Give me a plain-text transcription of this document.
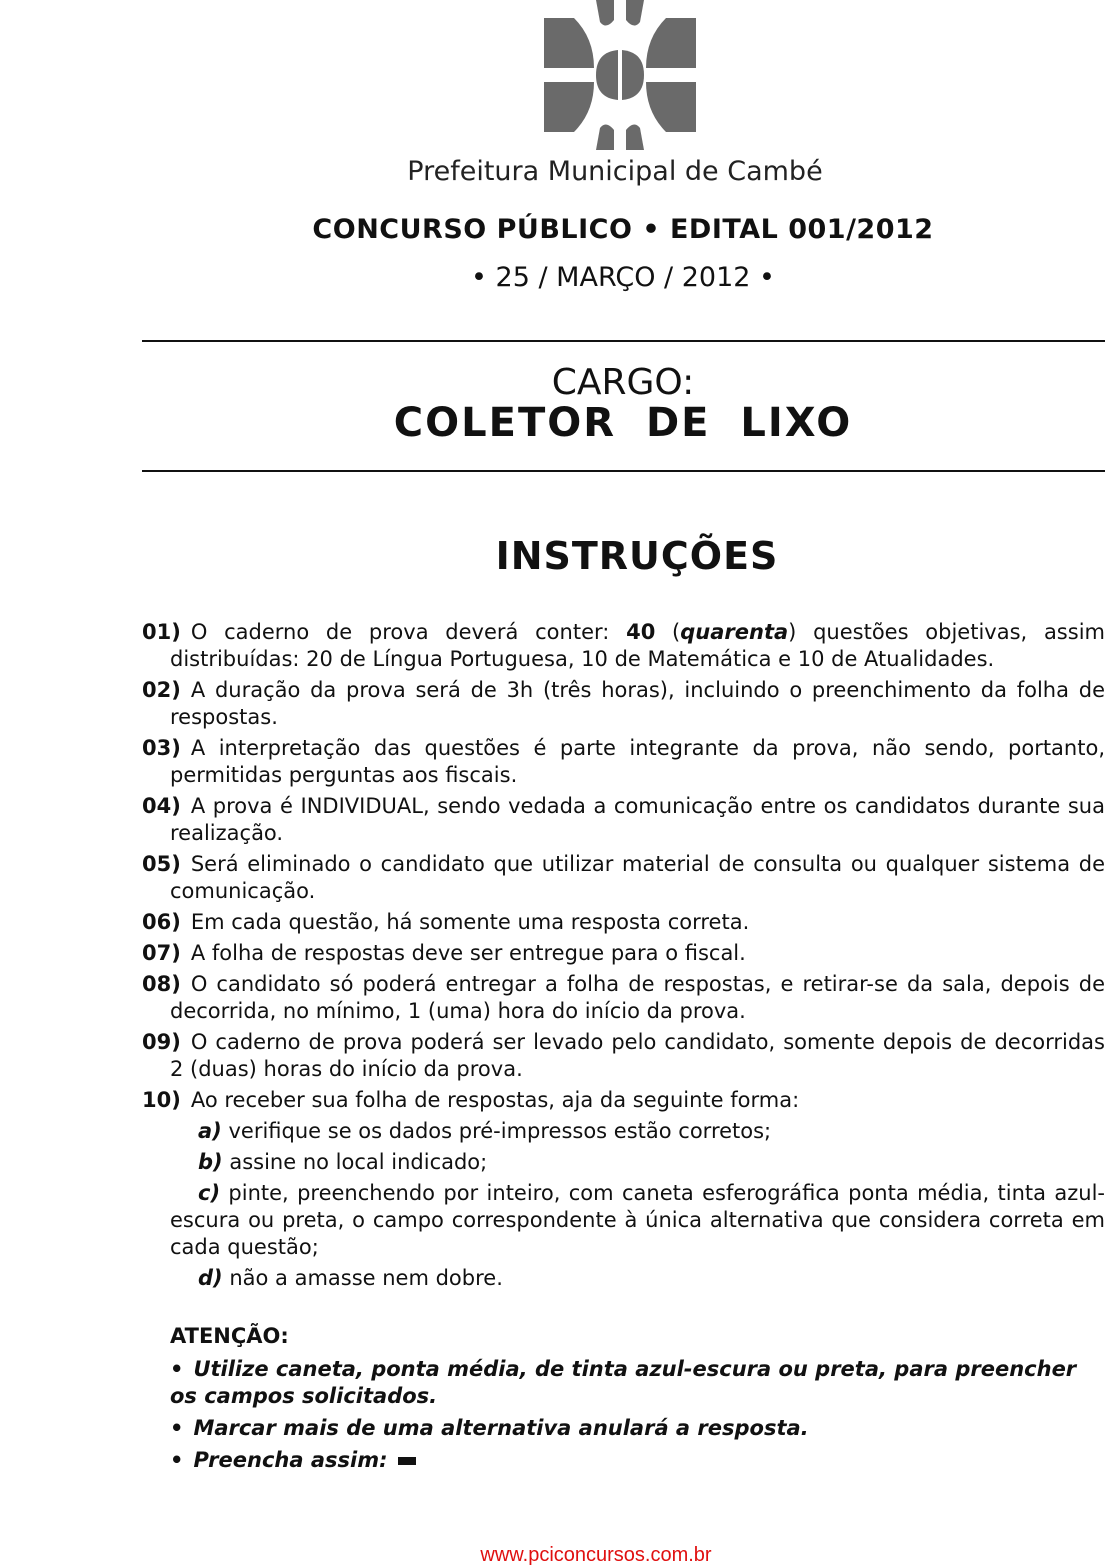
Prefeitura Municipal de Cambé
CONCURSO PÚBLICO • EDITAL 001/2012
• 25 / MARÇO / 2012 •
CARGO:
COLETOR DE LIXO
INSTRUÇÕES
01) O caderno de prova deverá conter: 40 (quarenta) questões objetivas, assim distribuídas: 20 de Língua Portuguesa, 10 de Matemática e 10 de Atualidades.
02) A duração da prova será de 3h (três horas), incluindo o preenchimento da folha de respostas.
03) A interpretação das questões é parte integrante da prova, não sendo, portanto, permitidas perguntas aos fiscais.
04) A prova é INDIVIDUAL, sendo vedada a comunicação entre os candidatos durante sua realização.
05) Será eliminado o candidato que utilizar material de consulta ou qualquer sistema de comunicação.
06) Em cada questão, há somente uma resposta correta.
07) A folha de respostas deve ser entregue para o fiscal.
08) O candidato só poderá entregar a folha de respostas, e retirar-se da sala, depois de decorrida, no mínimo, 1 (uma) hora do início da prova.
09) O caderno de prova poderá ser levado pelo candidato, somente depois de decorridas 2 (duas) horas do início da prova.
10) Ao receber sua folha de respostas, aja da seguinte forma:
a) verifique se os dados pré-impressos estão corretos;
b) assine no local indicado;
c) pinte, preenchendo por inteiro, com caneta esferográfica ponta média, tinta azul-escura ou preta, o campo correspondente à única alternativa que considera correta em cada questão;
d) não a amasse nem dobre.
ATENÇÃO:
• Utilize caneta, ponta média, de tinta azul-escura ou preta, para preencher os campos solicitados.
• Marcar mais de uma alternativa anulará a resposta.
• Preencha assim:
www.pciconcursos.com.br
